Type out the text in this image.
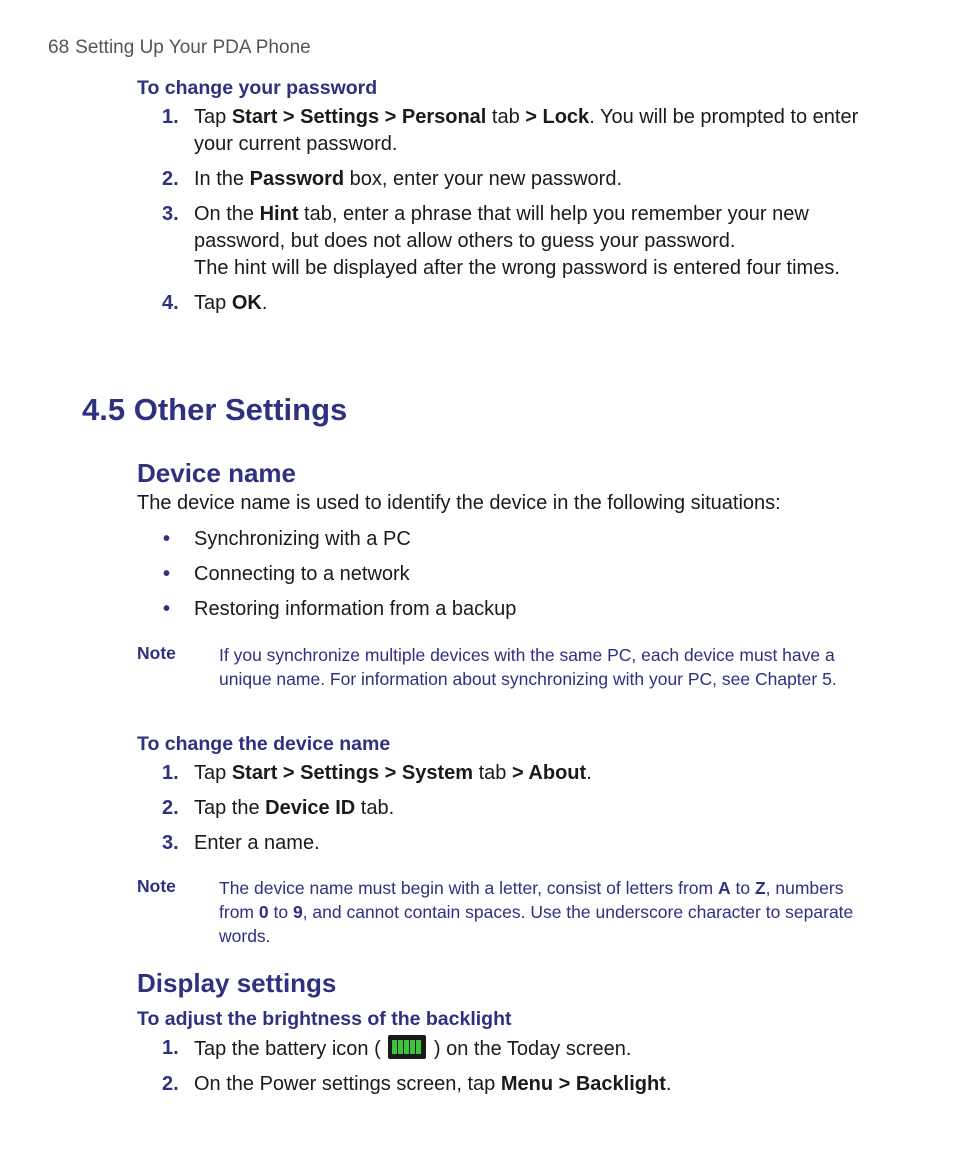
68 Setting Up Your PDA Phone
To change your password
1. Tap Start > Settings > Personal tab > Lock. You will be prompted to enter your current password.
2. In the Password box, enter your new password.
3. On the Hint tab, enter a phrase that will help you remember your new password, but does not allow others to guess your password.
The hint will be displayed after the wrong password is entered four times.
4. Tap OK.
4.5 Other Settings
Device name
The device name is used to identify the device in the following situations:
• Synchronizing with a PC
• Connecting to a network
• Restoring information from a backup
Note If you synchronize multiple devices with the same PC, each device must have a unique name. For information about synchronizing with your PC, see Chapter 5.
To change the device name
1. Tap Start > Settings > System tab > About.
2. Tap the Device ID tab.
3. Enter a name.
Note The device name must begin with a letter, consist of letters from A to Z, numbers from 0 to 9, and cannot contain spaces. Use the underscore character to separate words.
Display settings
To adjust the brightness of the backlight
1. Tap the battery icon (
) on the Today screen.
2. On the Power settings screen, tap Menu > Backlight.
